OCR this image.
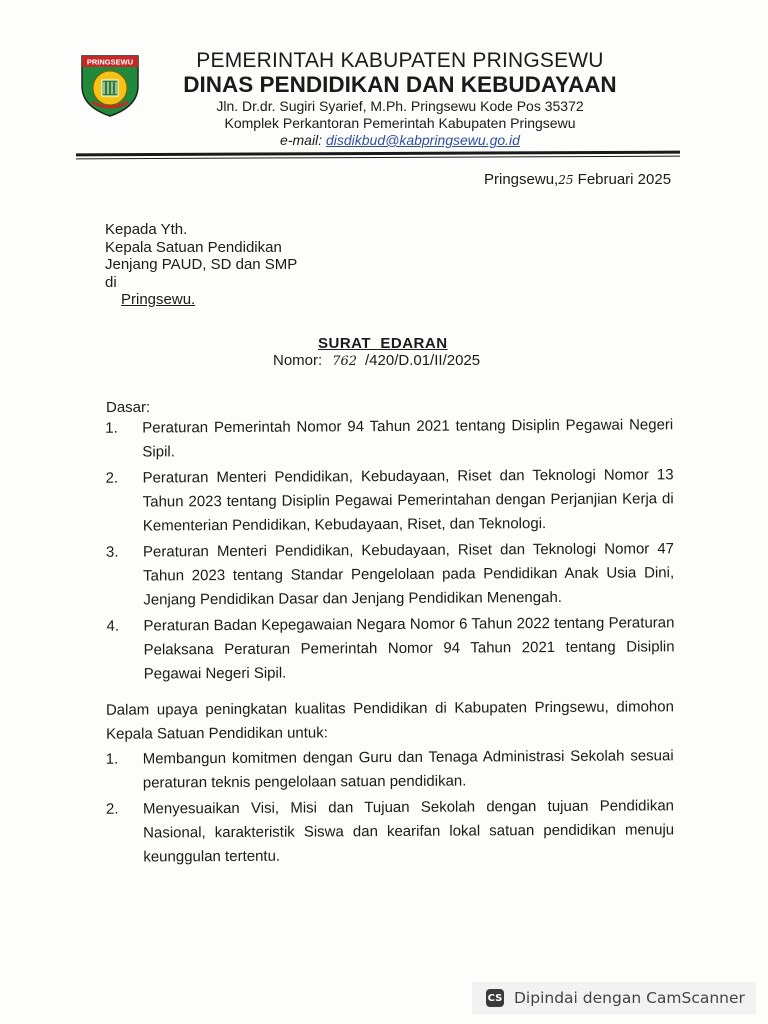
PRINGSEWU	PEMERINTAH KABUPATEN PRINGSEWU
DINAS PENDIDIKAN DAN KEBUDAYAAN
Jln. Dr.dr. Sugiri Syarief, M.Ph. Pringsewu Kode Pos 35372
Komplek Perkantoran Pemerintah Kabupaten Pringsewu
e-mail: disdikbud@kabpringsewu.go.id
Pringsewu,25 Februari 2025
Kepada Yth.
Kepala Satuan Pendidikan
Jenjang PAUD, SD dan SMP
di
Pringsewu.
SURAT  EDARAN
Nomor: 762 /420/D.01/II/2025
Dasar:
1. Peraturan Pemerintah Nomor 94 Tahun 2021 tentang Disiplin Pegawai Negeri Sipil.
2. Peraturan Menteri Pendidikan, Kebudayaan, Riset dan Teknologi Nomor 13 Tahun 2023 tentang Disiplin Pegawai Pemerintahan dengan Perjanjian Kerja di Kementerian Pendidikan, Kebudayaan, Riset, dan Teknologi.
3. Peraturan Menteri Pendidikan, Kebudayaan, Riset dan Teknologi Nomor 47 Tahun 2023 tentang Standar Pengelolaan pada Pendidikan Anak Usia Dini, Jenjang Pendidikan Dasar dan Jenjang Pendidikan Menengah.
4. Peraturan Badan Kepegawaian Negara Nomor 6 Tahun 2022 tentang Peraturan Pelaksana Peraturan Pemerintah Nomor 94 Tahun 2021 tentang Disiplin Pegawai Negeri Sipil.
Dalam upaya peningkatan kualitas Pendidikan di Kabupaten Pringsewu, dimohon Kepala Satuan Pendidikan untuk:
1. Membangun komitmen dengan Guru dan Tenaga Administrasi Sekolah sesuai peraturan teknis pengelolaan satuan pendidikan.
2. Menyesuaikan Visi, Misi dan Tujuan Sekolah dengan tujuan Pendidikan Nasional, karakteristik Siswa dan kearifan lokal satuan pendidikan menuju keunggulan tertentu.
CS Dipindai dengan CamScanner
